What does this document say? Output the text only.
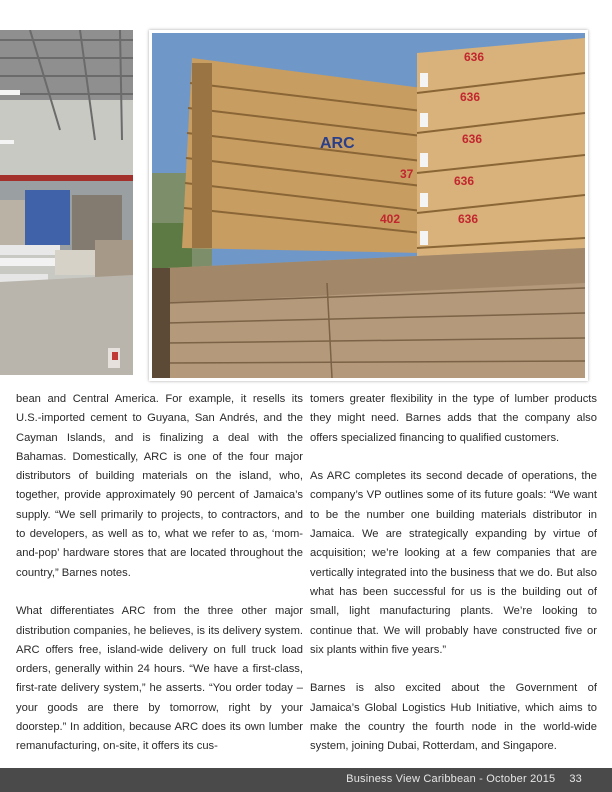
636
636
636
636
636
402
37
ARC

bean and Central America. For example, it resells its U.S.-imported cement to Guyana, San Andrés, and the Cayman Islands, and is finalizing a deal with the Bahamas. Domestically, ARC is one of the four major distributors of building materials on the island, who, together, provide approximately 90 percent of Jamaica’s supply. “We sell primarily to projects, to contractors, and to developers, as well as to, what we refer to as, ‘mom-and-pop’ hardware stores that are located throughout the country,” Barnes notes.

What differentiates ARC from the three other major distribution companies, he believes, is its delivery system. ARC offers free, island-wide delivery on full truck load orders, generally within 24 hours. “We have a first-class, first-rate delivery system,” he asserts. “You order today – your goods are there by tomorrow, right by your doorstep.” In addition, because ARC does its own lumber remanufacturing, on-site, it offers its cus-

tomers greater flexibility in the type of lumber products they might need. Barnes adds that the company also offers specialized financing to qualified customers.

As ARC completes its second decade of operations, the company’s VP outlines some of its future goals: “We want to be the number one building materials distributor in Jamaica. We are strategically expanding by virtue of acquisition; we’re looking at a few companies that are vertically integrated into the business that we do. But also what has been successful for us is the building out of small, light manufacturing plants. We’re looking to continue that. We will probably have constructed five or six plants within five years.”

Barnes is also excited about the Government of Jamaica’s Global Logistics Hub Initiative, which aims to make the country the fourth node in the world-wide system, joining Dubai, Rotterdam, and Singapore.

Business View Caribbean - October 2015 33
